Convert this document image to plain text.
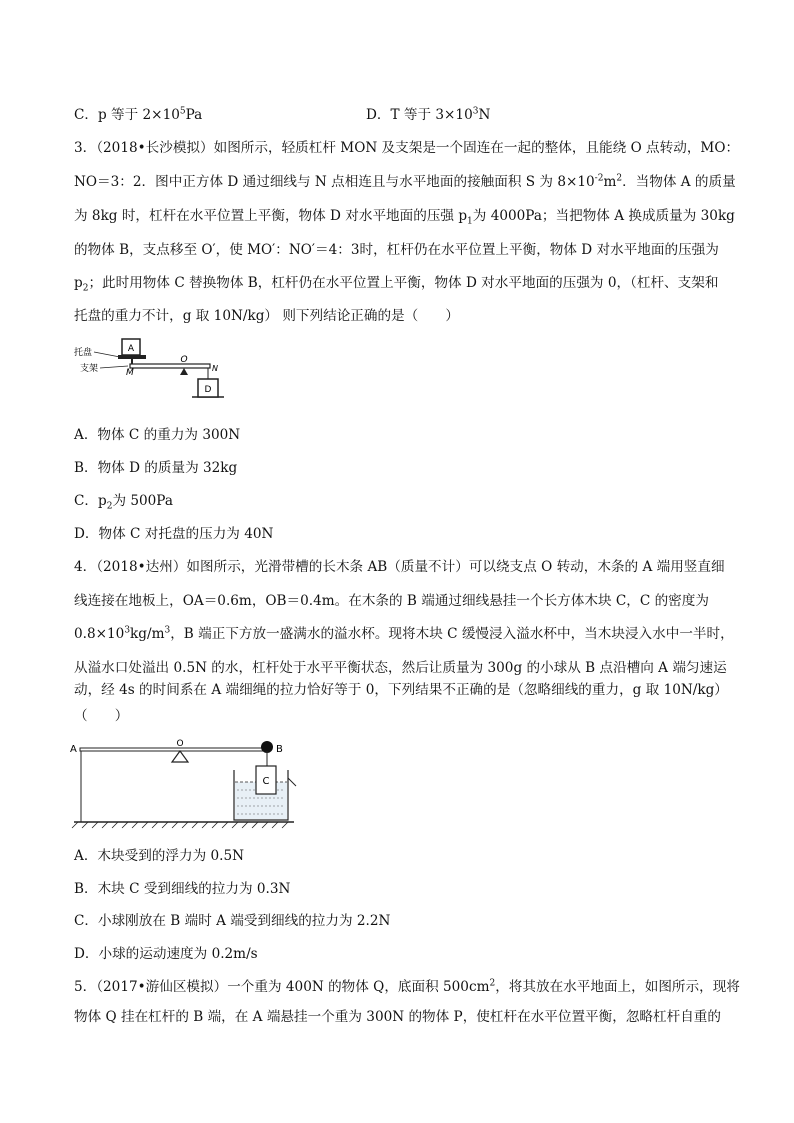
C．p 等于 $2\times 10^5Pa$	D．T 等于 $3\times 10^3N$
3．（2018•长沙模拟）如图所示，轻质杠杆 MON 及支架是一个固连在一起的整体，且能绕 O 点转动，MO：
NO＝3：2．图中正方体 D 通过细线与 N 点相连且与水平地面的接触面积 S 为 $8\times 10^{-2}m^2$．当物体 A 的质量
为 8kg 时，杠杆在水平位置上平衡，物体 D 对水平地面的压强 $p_1$为 4000Pa；当把物体 A 换成质量为 30kg
的物体 B，支点移至 O′，使 MO′：NO′＝4：3时，杠杆仍在水平位置上平衡，物体 D 对水平地面的压强为
$p_2$；此时用物体 C 替换物体 B，杠杆仍在水平位置上平衡，物体 D 对水平地面的压强为 0，（杠杆、支架和
托盘的重力不计，g 取 10N/kg） 则下列结论正确的是（　　）
A
O
M	N
D
托盘
支架
A．物体 C 的重力为 300N
B．物体 D 的质量为 32kg
C．$p_2$为 500Pa
D．物体 C 对托盘的压力为 40N
4．（2018•达州）如图所示，光滑带槽的长木条 AB（质量不计）可以绕支点 O 转动，木条的 A 端用竖直细
线连接在地板上，OA＝0.6m，OB＝0.4m。在木条的 B 端通过细线悬挂一个长方体木块 C，C 的密度为
$0.8\times 10^3kg/m^3$，B 端正下方放一盛满水的溢水杯。现将木块 C 缓慢浸入溢水杯中，当木块浸入水中一半时，
从溢水口处溢出 0.5N 的水，杠杆处于水平平衡状态，然后让质量为 300g 的小球从 B 点沿槽向 A 端匀速运
动，经 4s 的时间系在 A 端细绳的拉力恰好等于 0，下列结果不正确的是（忽略细线的重力，g 取 10N/kg）
（　　）
A	O	B
C
A．木块受到的浮力为 0.5N
B．木块 C 受到细线的拉力为 0.3N
C．小球刚放在 B 端时 A 端受到细线的拉力为 2.2N
D．小球的运动速度为 0.2m/s
5．（2017•游仙区模拟）一个重为 400N 的物体 Q，底面积 $500cm^2$，将其放在水平地面上，如图所示，现将
物体 Q 挂在杠杆的 B 端，在 A 端悬挂一个重为 300N 的物体 P，使杠杆在水平位置平衡，忽略杠杆自重的
